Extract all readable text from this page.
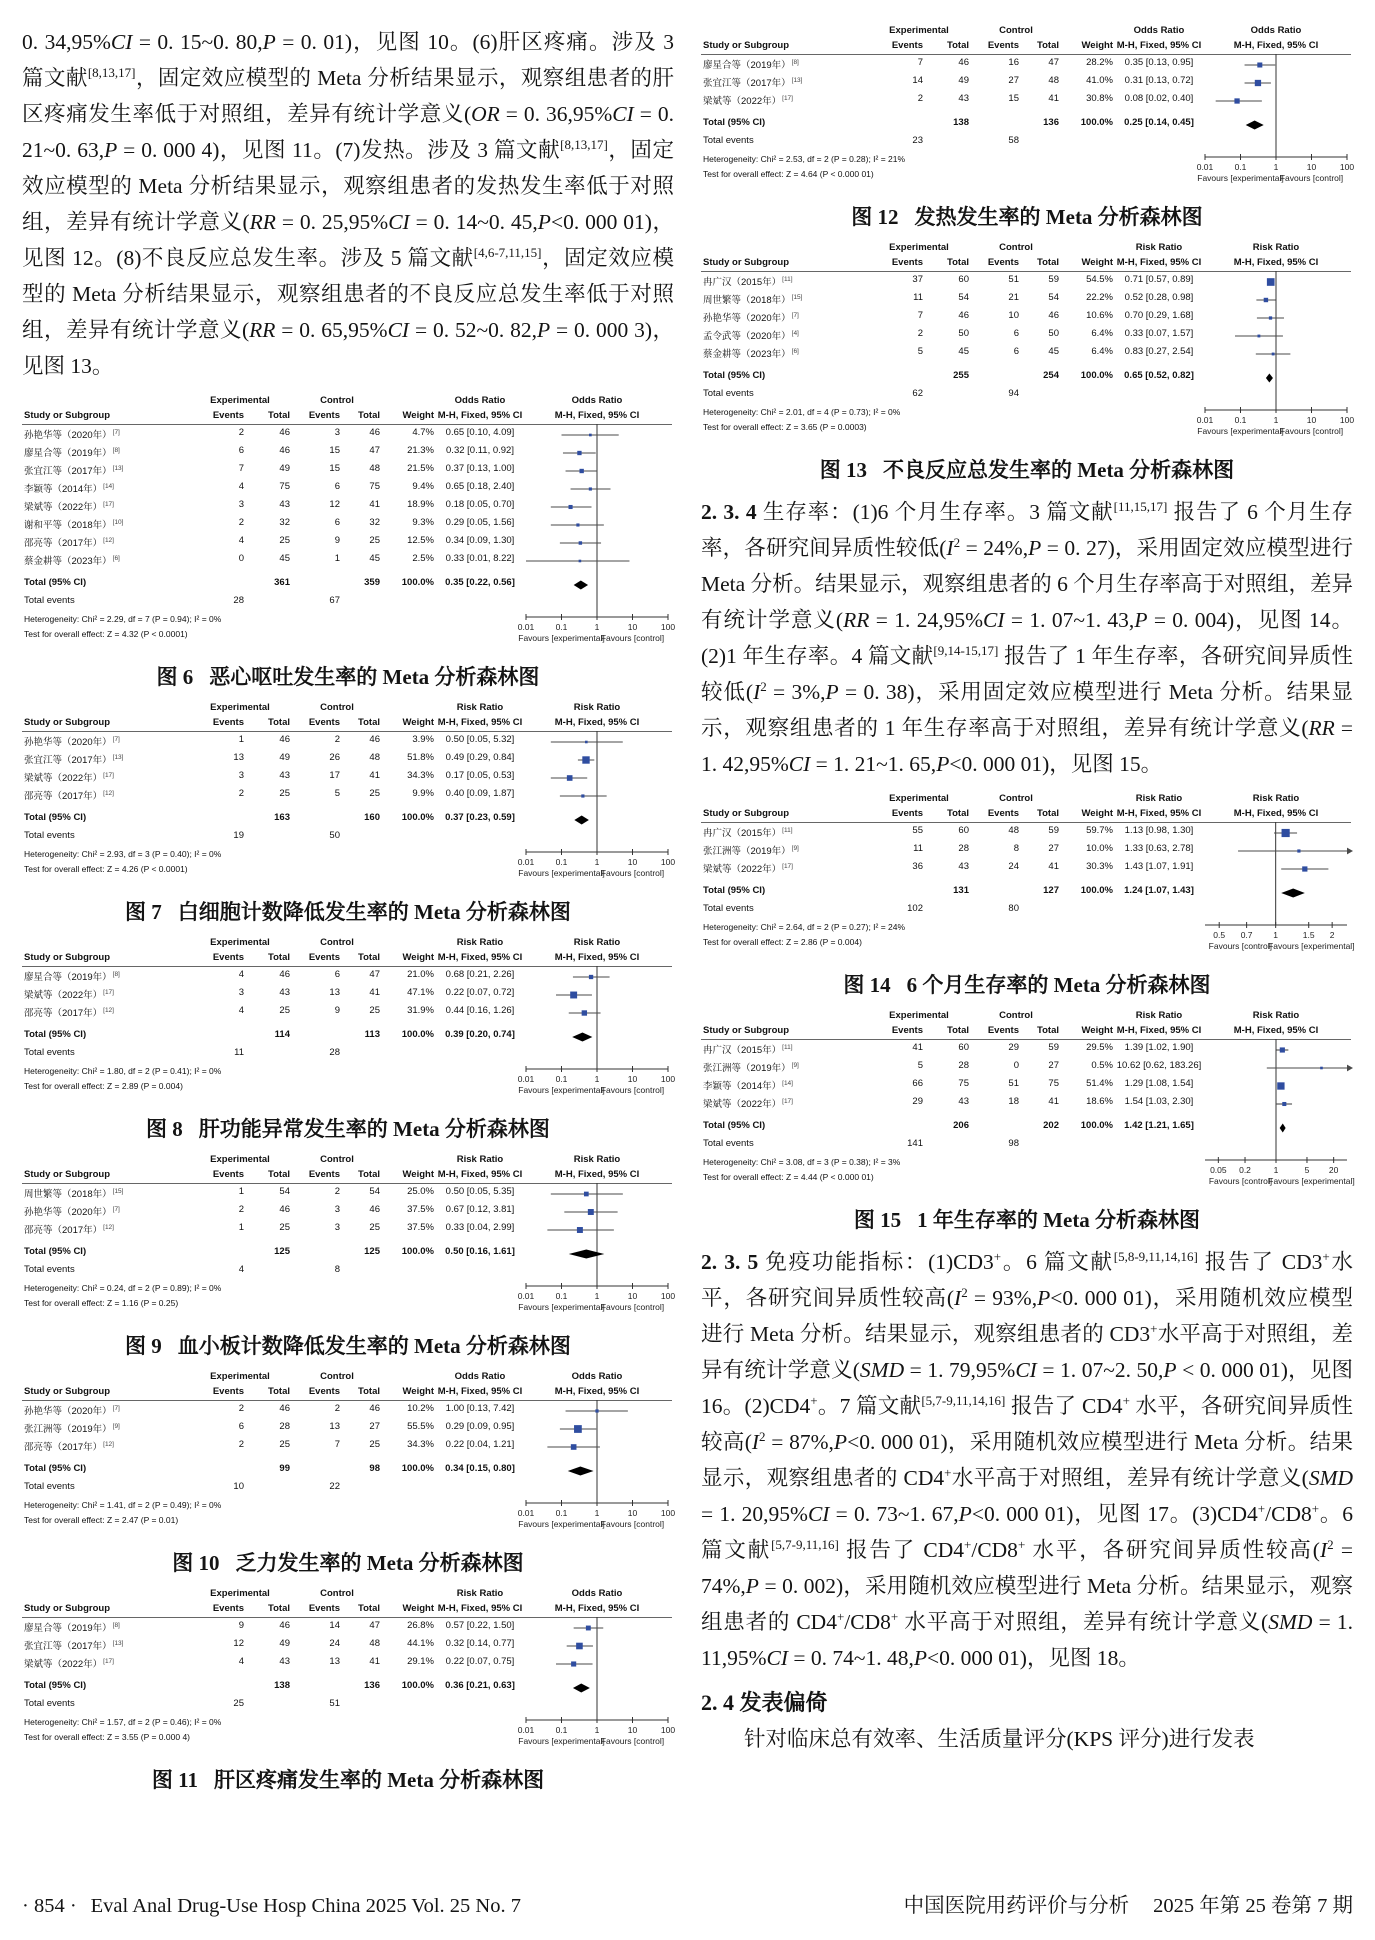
0. 34,95%CI = 0. 15~0. 80,P = 0. 01)，见图 10。(6)肝区疼痛。涉及 3 篇文献[8,13,17]，固定效应模型的 Meta 分析结果显示，观察组患者的肝区疼痛发生率低于对照组，差异有统计学意义(OR = 0. 36,95%CI = 0. 21~0. 63,P = 0. 000 4)，见图 11。(7)发热。涉及 3 篇文献[8,13,17]，固定效应模型的 Meta 分析结果显示，观察组患者的发热发生率低于对照组，差异有统计学意义(RR = 0. 25,95%CI = 0. 14~0. 45,P<0. 000 01)，见图 12。(8)不良反应总发生率。涉及 5 篇文献[4,6-7,11,15]，固定效应模型的 Meta 分析结果显示，观察组患者的不良反应总发生率低于对照组，差异有统计学意义(RR = 0. 65,95%CI = 0. 52~0. 82,P = 0. 000 3)，见图 13。

Experimental	Control	Odds Ratio	Odds Ratio
Study or Subgroup	Events	Total	Events	Total	Weight M-H, Fixed, 95% CI	M-H, Fixed, 95% CI
孙艳华等（2020年）[7]	2	46	3	46	4.7%	0.65 [0.10, 4.09]
廖星合等（2019年）[8]	6	46	15	47	21.3%	0.32 [0.11, 0.92]
张宜江等（2017年）[13]	7	49	15	48	21.5%	0.37 [0.13, 1.00]
李颖等（2014年）[14]	4	75	6	75	9.4%	0.65 [0.18, 2.40]
梁斌等（2022年）[17]	3	43	12	41	18.9%	0.18 [0.05, 0.70]
谢和平等（2018年）[10]	2	32	6	32	9.3%	0.29 [0.05, 1.56]
邵亮等（2017年）[12]	4	25	9	25	12.5%	0.34 [0.09, 1.30]
蔡金耕等（2023年）[6]	0	45	1	45	2.5%	0.33 [0.01, 8.22]
Total (95% CI)	361	359	100.0%	0.35 [0.22, 0.56]
Total events	28	67
Heterogeneity: Chi² = 2.29, df = 7 (P = 0.94); I² = 0%
Test for overall effect: Z = 4.32 (P < 0.0001)
0.01	0.1	1	10	100
Favours [experimental]
Favours [control]
图 6 恶心呕吐发生率的 Meta 分析森林图
Experimental	Control	Risk Ratio	Risk Ratio
Study or Subgroup	Events	Total	Events	Total	Weight M-H, Fixed, 95% CI	M-H, Fixed, 95% CI
孙艳华等（2020年）[7]	1	46	2	46	3.9%	0.50 [0.05, 5.32]
张宜江等（2017年）[13]	13	49	26	48	51.8%	0.49 [0.29, 0.84]
梁斌等（2022年）[17]	3	43	17	41	34.3%	0.17 [0.05, 0.53]
邵亮等（2017年）[12]	2	25	5	25	9.9%	0.40 [0.09, 1.87]
Total (95% CI)	163	160	100.0%	0.37 [0.23, 0.59]
Total events	19	50
Heterogeneity: Chi² = 2.93, df = 3 (P = 0.40); I² = 0%
Test for overall effect: Z = 4.26 (P < 0.0001)
0.01	0.1	1	10	100
Favours [experimental]
Favours [control]
图 7 白细胞计数降低发生率的 Meta 分析森林图
Experimental	Control	Risk Ratio	Risk Ratio
Study or Subgroup	Events	Total	Events	Total	Weight M-H, Fixed, 95% CI	M-H, Fixed, 95% CI
廖星合等（2019年）[8]	4	46	6	47	21.0%	0.68 [0.21, 2.26]
梁斌等（2022年）[17]	3	43	13	41	47.1%	0.22 [0.07, 0.72]
邵亮等（2017年）[12]	4	25	9	25	31.9%	0.44 [0.16, 1.26]
Total (95% CI)	114	113	100.0%	0.39 [0.20, 0.74]
Total events	11	28
Heterogeneity: Chi² = 1.80, df = 2 (P = 0.41); I² = 0%
Test for overall effect: Z = 2.89 (P = 0.004)
0.01	0.1	1	10	100
Favours [experimental]
Favours [control]
图 8 肝功能异常发生率的 Meta 分析森林图
Experimental	Control	Risk Ratio	Risk Ratio
Study or Subgroup	Events	Total	Events	Total	Weight M-H, Fixed, 95% CI	M-H, Fixed, 95% CI
周世繁等（2018年）[15]	1	54	2	54	25.0%	0.50 [0.05, 5.35]
孙艳华等（2020年）[7]	2	46	3	46	37.5%	0.67 [0.12, 3.81]
邵亮等（2017年）[12]	1	25	3	25	37.5%	0.33 [0.04, 2.99]
Total (95% CI)	125	125	100.0%	0.50 [0.16, 1.61]
Total events	4	8
Heterogeneity: Chi² = 0.24, df = 2 (P = 0.89); I² = 0%
Test for overall effect: Z = 1.16 (P = 0.25)
0.01	0.1	1	10	100
Favours [experimental]
Favours [control]
图 9 血小板计数降低发生率的 Meta 分析森林图
Experimental	Control	Odds Ratio	Odds Ratio
Study or Subgroup	Events	Total	Events	Total	Weight M-H, Fixed, 95% CI	M-H, Fixed, 95% CI
孙艳华等（2020年）[7]	2	46	2	46	10.2%	1.00 [0.13, 7.42]
张江洲等（2019年）[9]	6	28	13	27	55.5%	0.29 [0.09, 0.95]
邵亮等（2017年）[12]	2	25	7	25	34.3%	0.22 [0.04, 1.21]
Total (95% CI)	99	98	100.0%	0.34 [0.15, 0.80]
Total events	10	22
Heterogeneity: Chi² = 1.41, df = 2 (P = 0.49); I² = 0%
Test for overall effect: Z = 2.47 (P = 0.01)
0.01	0.1	1	10	100
Favours [experimental]
Favours [control]
图 10 乏力发生率的 Meta 分析森林图
Experimental	Control	Risk Ratio	Odds Ratio
Study or Subgroup	Events	Total	Events	Total	Weight M-H, Fixed, 95% CI	M-H, Fixed, 95% CI
廖星合等（2019年）[8]	9	46	14	47	26.8%	0.57 [0.22, 1.50]
张宜江等（2017年）[13]	12	49	24	48	44.1%	0.32 [0.14, 0.77]
梁斌等（2022年）[17]	4	43	13	41	29.1%	0.22 [0.07, 0.75]
Total (95% CI)	138	136	100.0%	0.36 [0.21, 0.63]
Total events	25	51
Heterogeneity: Chi² = 1.57, df = 2 (P = 0.46); I² = 0%
Test for overall effect: Z = 3.55 (P = 0.000 4)
0.01	0.1	1	10	100
Favours [experimental]
Favours [control]
图 11 肝区疼痛发生率的 Meta 分析森林图
Experimental	Control	Odds Ratio	Odds Ratio
Study or Subgroup	Events	Total	Events	Total	Weight M-H, Fixed, 95% CI	M-H, Fixed, 95% CI
廖星合等（2019年）[8]	7	46	16	47	28.2%	0.35 [0.13, 0.95]
张宜江等（2017年）[13]	14	49	27	48	41.0%	0.31 [0.13, 0.72]
梁斌等（2022年）[17]	2	43	15	41	30.8%	0.08 [0.02, 0.40]
Total (95% CI)	138	136	100.0%	0.25 [0.14, 0.45]
Total events	23	58
Heterogeneity: Chi² = 2.53, df = 2 (P = 0.28); I² = 21%
Test for overall effect: Z = 4.64 (P < 0.000 01)
0.01	0.1	1	10	100
Favours [experimental]
Favours [control]
图 12 发热发生率的 Meta 分析森林图
Experimental	Control	Risk Ratio	Risk Ratio
Study or Subgroup	Events	Total	Events	Total	Weight M-H, Fixed, 95% CI	M-H, Fixed, 95% CI
冉广汉（2015年）[11]	37	60	51	59	54.5%	0.71 [0.57, 0.89]
周世繁等（2018年）[15]	11	54	21	54	22.2%	0.52 [0.28, 0.98]
孙艳华等（2020年）[7]	7	46	10	46	10.6%	0.70 [0.29, 1.68]
孟令武等（2020年）[4]	2	50	6	50	6.4%	0.33 [0.07, 1.57]
蔡金耕等（2023年）[6]	5	45	6	45	6.4%	0.83 [0.27, 2.54]
Total (95% CI)	255	254	100.0%	0.65 [0.52, 0.82]
Total events	62	94
Heterogeneity: Chi² = 2.01, df = 4 (P = 0.73); I² = 0%
Test for overall effect: Z = 3.65 (P = 0.0003)
0.01	0.1	1	10	100
Favours [experimental]
Favours [control]
图 13 不良反应总发生率的 Meta 分析森林图

2. 3. 4 生存率：(1)6 个月生存率。3 篇文献[11,15,17] 报告了 6 个月生存率，各研究间异质性较低($I^2 = 24\%,P = 0$. 27)，采用固定效应模型进行 Meta 分析。结果显示，观察组患者的 6 个月生存率高于对照组，差异有统计学意义(RR = 1. 24,95%CI = 1. 07~1. 43,P = 0. 004)，见图 14。(2)1 年生存率。4 篇文献[9,14-15,17] 报告了 1 年生存率，各研究间异质性较低($I^2 = 3\%,P = 0$. 38)，采用固定效应模型进行 Meta 分析。结果显示，观察组患者的 1 年生存率高于对照组，差异有统计学意义(RR = 1. 42,95%CI = 1. 21~1. 65,P<0. 000 01)，见图 15。

Experimental	Control	Risk Ratio	Risk Ratio
Study or Subgroup	Events	Total	Events	Total	Weight M-H, Fixed, 95% CI	M-H, Fixed, 95% CI
冉广汉（2015年）[11]	55	60	48	59	59.7%	1.13 [0.98, 1.30]
张江洲等（2019年）[9]	11	28	8	27	10.0%	1.33 [0.63, 2.78]
梁斌等（2022年）[17]	36	43	24	41	30.3%	1.43 [1.07, 1.91]
Total (95% CI)	131	127	100.0%	1.24 [1.07, 1.43]
Total events	102	80
Heterogeneity: Chi² = 2.64, df = 2 (P = 0.27); I² = 24%
Test for overall effect: Z = 2.86 (P = 0.004)
0.5 0.7 1	1.5 2
Favours [control]
Favours [experimental]
图 14 6 个月生存率的 Meta 分析森林图
Experimental	Control	Risk Ratio	Risk Ratio
Study or Subgroup	Events	Total	Events	Total	Weight M-H, Fixed, 95% CI	M-H, Fixed, 95% CI
冉广汉（2015年）[11]	41	60	29	59	29.5%	1.39 [1.02, 1.90]
张江洲等（2019年）[9]	5	28	0	27	0.5% 10.62 [0.62, 183.26]
李颖等（2014年）[14]	66	75	51	75	51.4%	1.29 [1.08, 1.54]
梁斌等（2022年）[17]	29	43	18	41	18.6%	1.54 [1.03, 2.30]
Total (95% CI)	206	202	100.0%	1.42 [1.21, 1.65]
Total events	141	98
Heterogeneity: Chi² = 3.08, df = 3 (P = 0.38); I² = 3%
Test for overall effect: Z = 4.44 (P < 0.000 01)
0.05 0.2	1	5 20
Favours [control]
Favours [experimental]
图 15 1 年生存率的 Meta 分析森林图

2. 3. 5 免疫功能指标：(1)CD3+。6 篇文献[5,8-9,11,14,16] 报告了 CD3+水平，各研究间异质性较高($I^2 = 93\%,P<0$. 000 01)，采用随机效应模型进行 Meta 分析。结果显示，观察组患者的 CD3+水平高于对照组，差异有统计学意义(SMD = 1. 79,95%CI = 1. 07~2. 50,P < 0. 000 01)，见图 16。(2)CD4+。7 篇文献[5,7-9,11,14,16] 报告了 CD4+ 水平，各研究间异质性较高($I^2 = 87\%,P<0$. 000 01)，采用随机效应模型进行 Meta 分析。结果显示，观察组患者的 CD4+水平高于对照组，差异有统计学意义(SMD = 1. 20,95%CI = 0. 73~1. 67,P<0. 000 01)，见图 17。(3)CD4+/CD8+。6 篇文献[5,7-9,11,16] 报告了 CD4+/CD8+ 水平，各研究间异质性较高($I^2 = 74\%,P = 0$. 002)，采用随机效应模型进行 Meta 分析。结果显示，观察组患者的 CD4+/CD8+ 水平高于对照组，差异有统计学意义(SMD = 1. 11,95%CI = 0. 74~1. 48,P<0. 000 01)，见图 18。

2. 4 发表偏倚

针对临床总有效率、生活质量评分(KPS 评分)进行发表

· 854 · Eval Anal Drug-Use Hosp China 2025 Vol. 25 No. 7	中国医院用药评价与分析 2025 年第 25 卷第 7 期
